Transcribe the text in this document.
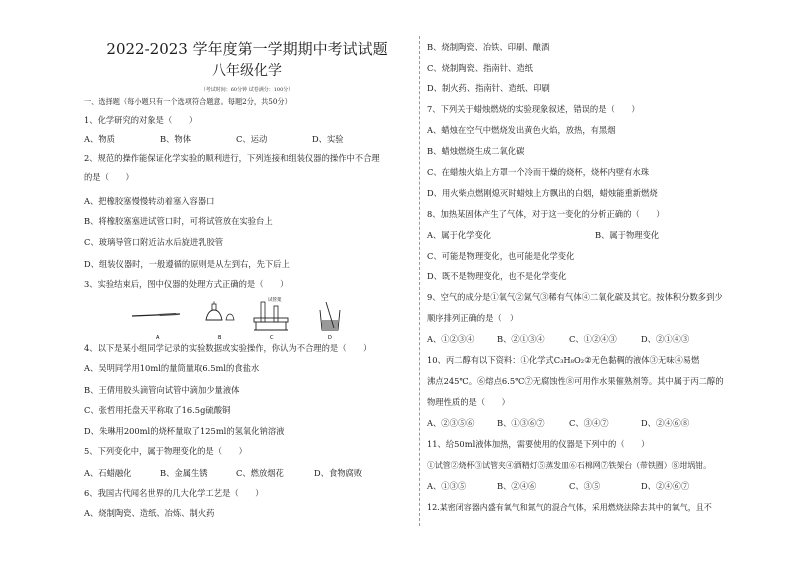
2022-2023 学年度第一学期期中考试试题
八年级化学
（考试时间：60分钟 试卷满分：100分）
一、选择题（每小题只有一个选项符合题意。每题2分，共50分）
1、化学研究的对象是（　　）
A、物质	B、物体	C、运动	D、实验
2、规范的操作能保证化学实验的顺利进行，下列连接和组装仪器的操作中不合理
的是（　　）
A、把橡胶塞慢慢转动着塞入容器口
B、将橡胶塞塞进试管口时，可将试管放在实验台上
C、玻璃导管口附近沾水后旋进乳胶管
D、组装仪器时，一般遵循的原则是从左到右，先下后上
3、实验结束后，图中仪器的处理方式正确的是（　　）
A	B	C	D
试管架
4、以下是某小组同学记录的实验数据或实验操作，你认为不合理的是（　　）
A、吴明同学用10ml的量筒量取6.5ml的食盐水
B、王倩用胶头滴管向试管中滴加少量液体
C、张哲用托盘天平称取了16.5g硫酸铜
D、朱琳用200ml的烧杯量取了125ml的氢氧化钠溶液
5、下列变化中，属于物理变化的是（　　）
A、石蜡融化	B、金属生锈	C、燃放烟花	D、食物腐败
6、我国古代闻名世界的几大化学工艺是（　　）
A、烧制陶瓷、造纸、冶炼、制火药
B、烧制陶瓷、冶铁、印刷、酿酒
C、烧制陶瓷、指南针、造纸
D、制火药、指南针、造纸、印刷
7、下列关于蜡烛燃烧的实验现象叙述，错误的是（　　）
A、蜡烛在空气中燃烧发出黄色火焰，放热，有黑烟
B、蜡烛燃烧生成二氧化碳
C、在蜡烛火焰上方罩一个冷而干燥的烧杯，烧杯内壁有水珠
D、用火柴点燃刚熄灭时蜡烛上方飘出的白烟，蜡烛能重新燃烧
8、加热某固体产生了气体，对于这一变化的分析正确的（　　）
A、属于化学变化	B、属于物理变化
C、可能是物理变化，也可能是化学变化
D、既不是物理变化，也不是化学变化
9、空气的成分是①氧气②氮气③稀有气体④二氧化碳及其它。按体积分数多到少
顺序排列正确的是（　）
A、①②③④	B、②①③④	C、①②④③	D、②①④③
10、丙二醇有以下资料：①化学式C₃H₈O₂②无色黏稠的液体③无味④易燃
沸点245℃。⑥熔点6.5℃⑦无腐蚀性⑧可用作水果催熟剂等。其中属于丙二醇的
物理性质的是（　　）
A、②③⑤⑥	B、①③⑥⑦	C、③④⑦	D、②④⑥⑧
11、给50ml液体加热，需要使用的仪器是下列中的（　　）
①试管②烧杯③试管夹④酒精灯⑤蒸发皿⑥石棉网⑦铁架台（带铁圈）⑧坩埚钳。
A、①③⑤	B、②④⑥	C、③⑤	D、②④⑥⑦
12.某密闭容器内盛有氧气和氮气的混合气体，采用燃烧法除去其中的氧气，且不
